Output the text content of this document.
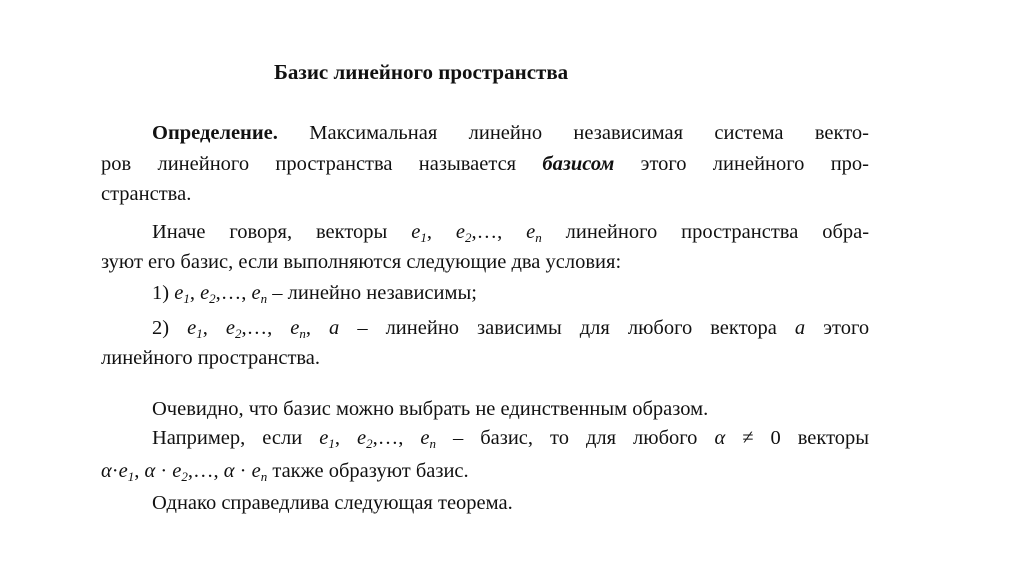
Базис линейного пространства
Определение. Максимальная линейно независимая система векто-
ров линейного пространства называется базисом этого линейного про-
странства.
Иначе говоря, векторы $e_1$, $e_2,\dots$, $e_n$ линейного пространства обра-
зуют его базис, если выполняются следующие два условия:
1) $e_1$, $e_2,\dots$, $e_n$ – линейно независимы;
2) $e_1$, $e_2,\dots$, $e_n$, a – линейно зависимы для любого вектора a этого
линейного пространства.
Очевидно, что базис можно выбрать не единственным образом.
Например, если $e_1$, $e_2,\dots$, $e_n$ – базис, то для любого α ≠ 0 векторы
$\alpha\cdot e_1$, $\alpha \cdot e_2,\dots$, $\alpha \cdot e_n$ также образуют базис.
Однако справедлива следующая теорема.
